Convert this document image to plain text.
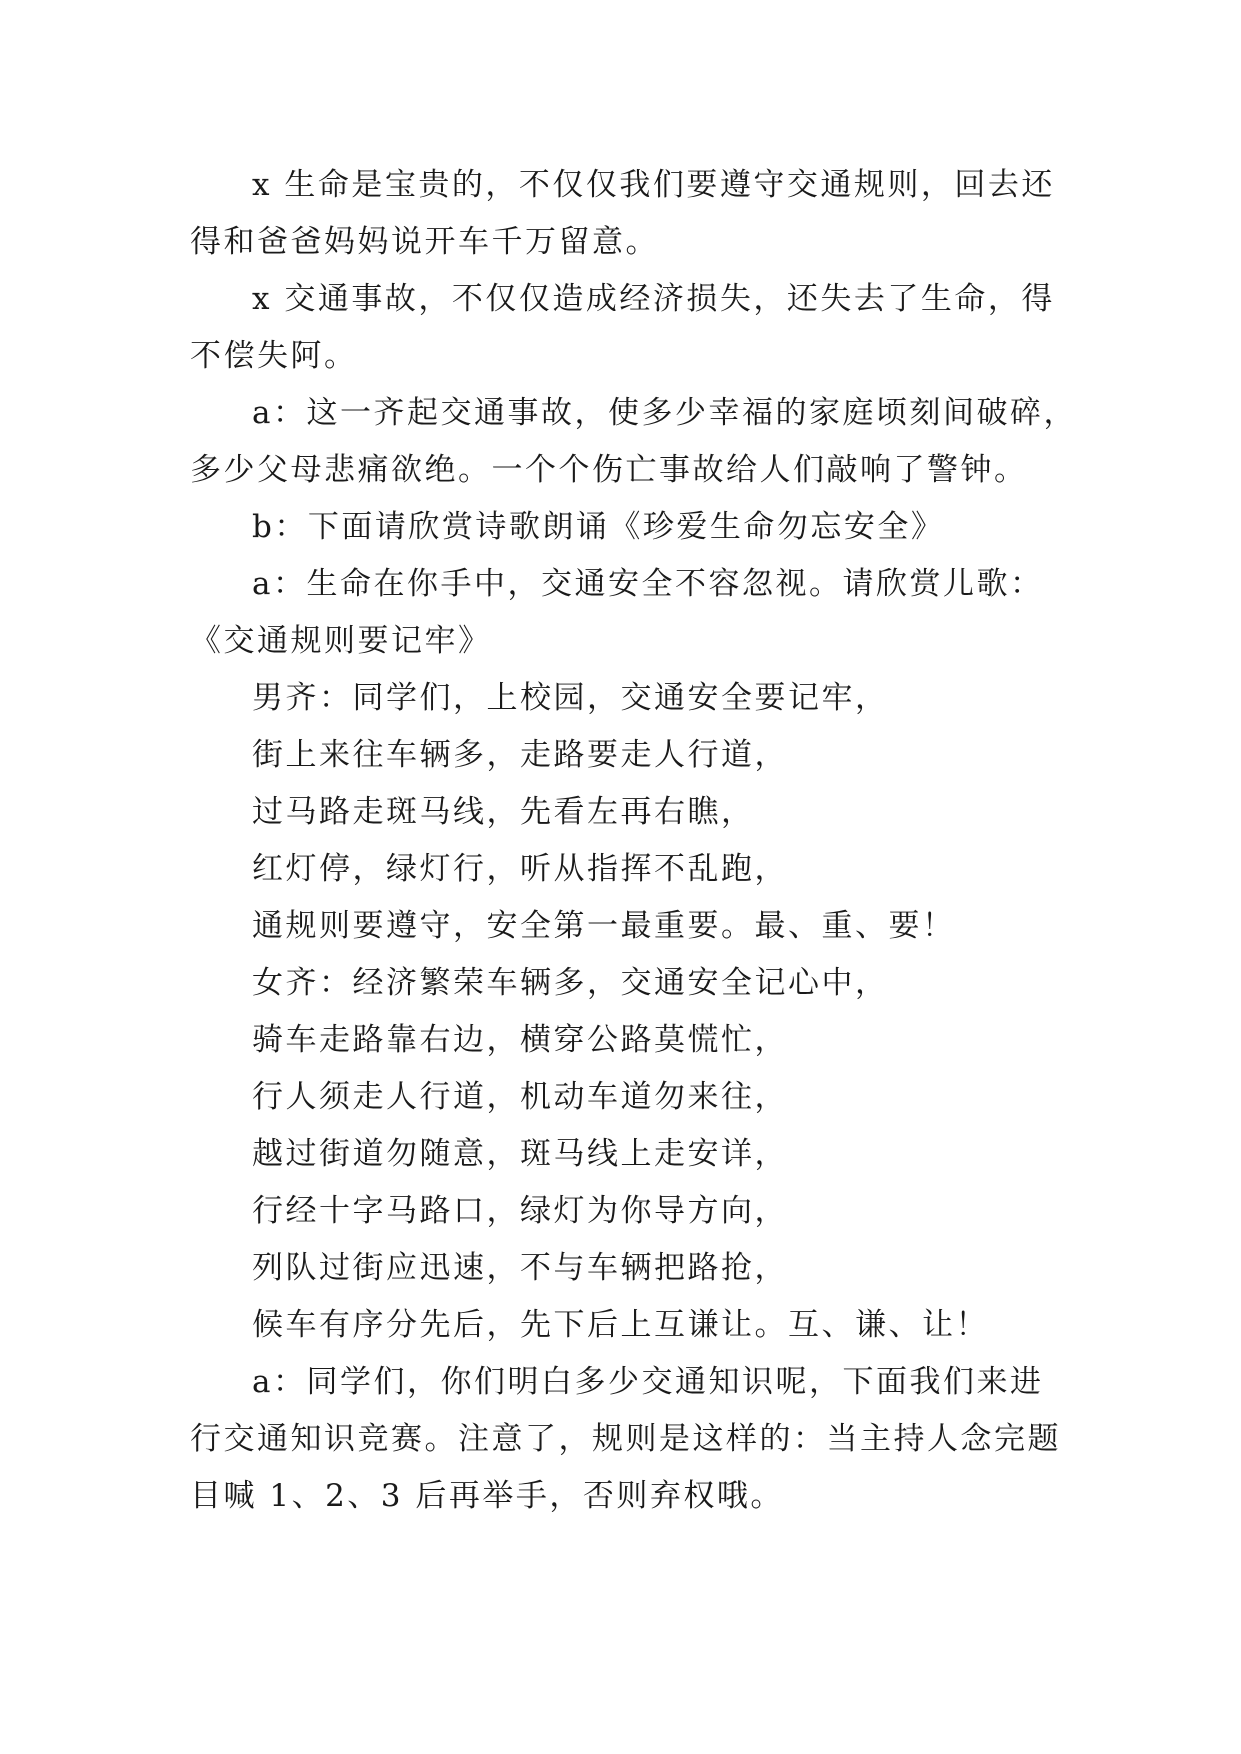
x 生命是宝贵的，不仅仅我们要遵守交通规则，回去还
得和爸爸妈妈说开车千万留意。
x 交通事故，不仅仅造成经济损失，还失去了生命，得
不偿失阿。
a：这一齐起交通事故，使多少幸福的家庭顷刻间破碎，
多少父母悲痛欲绝。一个个伤亡事故给人们敲响了警钟。
b：下面请欣赏诗歌朗诵《珍爱生命勿忘安全》
a：生命在你手中，交通安全不容忽视。请欣赏儿歌：
《交通规则要记牢》
男齐：同学们，上校园，交通安全要记牢，
街上来往车辆多，走路要走人行道，
过马路走斑马线，先看左再右瞧，
红灯停，绿灯行，听从指挥不乱跑，
通规则要遵守，安全第一最重要。最、重、要！
女齐：经济繁荣车辆多，交通安全记心中，
骑车走路靠右边，横穿公路莫慌忙，
行人须走人行道，机动车道勿来往，
越过街道勿随意，斑马线上走安详，
行经十字马路口，绿灯为你导方向，
列队过街应迅速，不与车辆把路抢，
候车有序分先后，先下后上互谦让。互、谦、让！
a：同学们，你们明白多少交通知识呢，下面我们来进
行交通知识竞赛。注意了，规则是这样的：当主持人念完题
目喊 1、2、3 后再举手，否则弃权哦。
